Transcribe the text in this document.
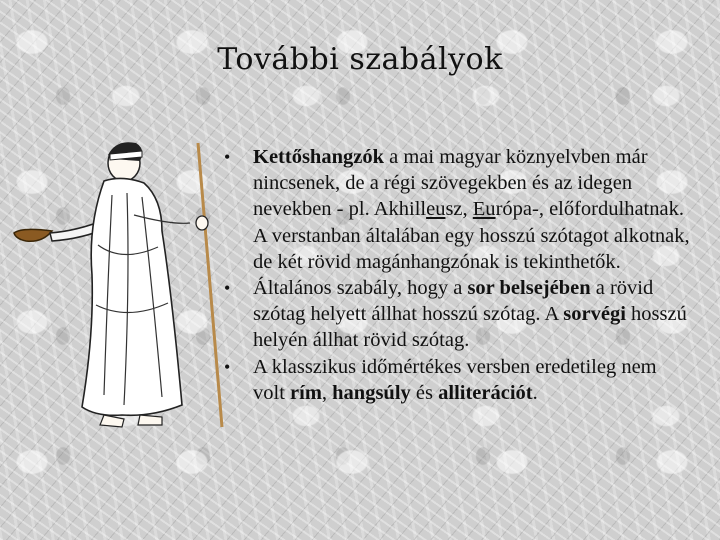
További szabályok
• Kettőshangzók a mai magyar köznyelvben már nincsenek, de a régi szövegekben és az idegen nevekben - pl. Akhilleusz, Európa-, előfordulhatnak. A verstanban általában egy hosszú szótagot alkotnak, de két rövid magánhangzónak is tekinthetők.
• Általános szabály, hogy a sor belsejében a rövid szótag helyett állhat hosszú szótag. A sorvégi hosszú helyén állhat rövid szótag.
• A klasszikus időmértékes versben eredetileg nem volt rím, hangsúly és alliterációt.
